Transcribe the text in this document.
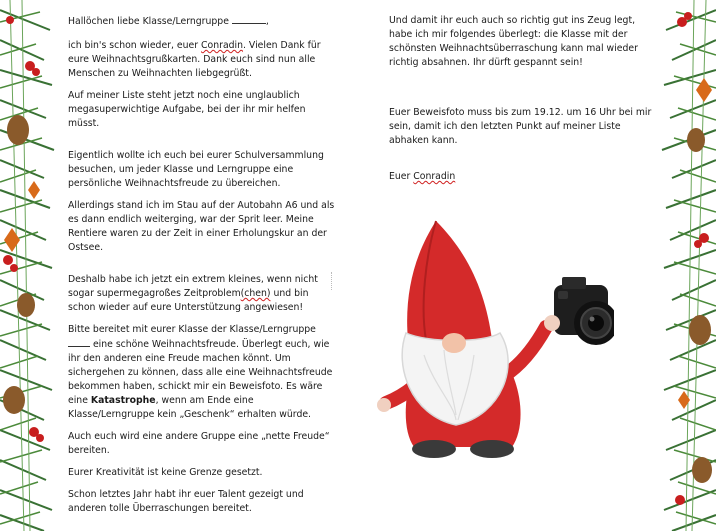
Hallöchen liebe Klasse/Lerngruppe	,

ich bin's schon wieder, euer Conradin. Vielen Dank für eure Weihnachtsgrußkarten. Dank euch sind nun alle Menschen zu Weihnachten liebgegrüßt.

Auf meiner Liste steht jetzt noch eine unglaublich megasuperwichtige Aufgabe, bei der ihr mir helfen müsst.

Eigentlich wollte ich euch bei eurer Schulversammlung besuchen, um jeder Klasse und Lerngruppe eine persönliche Weihnachtsfreude zu übereichen.

Allerdings stand ich im Stau auf der Autobahn A6 und als es dann endlich weiterging, war der Sprit leer. Meine Rentiere waren zu der Zeit in einer Erholungskur an der Ostsee.

Deshalb habe ich jetzt ein extrem kleines, wenn nicht sogar supermegagroßes Zeitproblem(chen) und bin schon wieder auf eure Unterstützung angewiesen!

Bitte bereitet mit eurer Klasse der Klasse/Lerngruppe  eine schöne Weihnachtsfreude. Überlegt euch, wie ihr den anderen eine Freude machen könnt. Um sichergehen zu können, dass alle eine Weihnachtsfreude bekommen haben, schickt mir ein Beweisfoto. Es wäre eine Katastrophe, wenn am Ende eine Klasse/Lerngruppe kein „Geschenk“ erhalten würde.

Auch euch wird eine andere Gruppe eine „nette Freude“ bereiten.

Eurer Kreativität ist keine Grenze gesetzt.

Schon letztes Jahr habt ihr euer Talent gezeigt und anderen tolle Überraschungen bereitet.

Und damit ihr euch auch so richtig gut ins Zeug legt, habe ich mir folgendes überlegt: die Klasse mit der schönsten Weihnachtsüberraschung kann mal wieder richtig absahnen. Ihr dürft gespannt sein!

Euer Beweisfoto muss bis zum 19.12. um 16 Uhr bei mir sein, damit ich den letzten Punkt auf meiner Liste abhaken kann.

Euer Conradin
